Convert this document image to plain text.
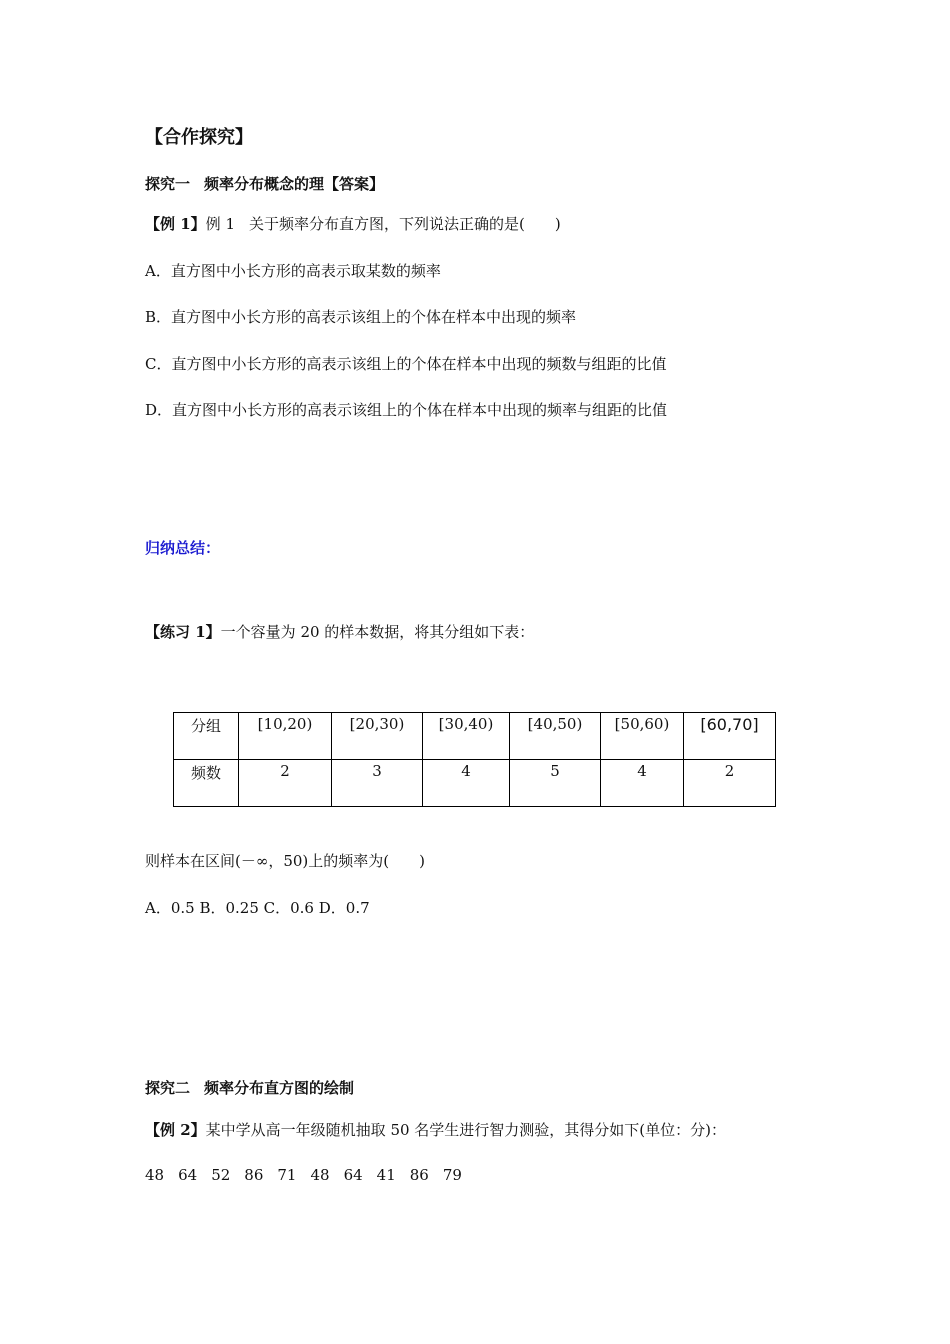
【合作探究】
探究一 频率分布概念的理【答案】
【例 1】例 1 关于频率分布直方图，下列说法正确的是(　　)
A．直方图中小长方形的高表示取某数的频率
B．直方图中小长方形的高表示该组上的个体在样本中出现的频率
C．直方图中小长方形的高表示该组上的个体在样本中出现的频数与组距的比值
D．直方图中小长方形的高表示该组上的个体在样本中出现的频率与组距的比值
归纳总结：
【练习 1】一个容量为 20 的样本数据，将其分组如下表：
分组	[10,20)	[20,30)	[30,40)	[40,50)	[50,60)	[60,70]
频数	2	3	4	5	4	2
则样本在区间(－∞，50)上的频率为(　　)
A．0.5 B．0.25 C．0.6 D．0.7
探究二 频率分布直方图的绘制
【例 2】某中学从高一年级随机抽取 50 名学生进行智力测验，其得分如下(单位：分)：
48 64 52 86 71 48 64 41 86 79
